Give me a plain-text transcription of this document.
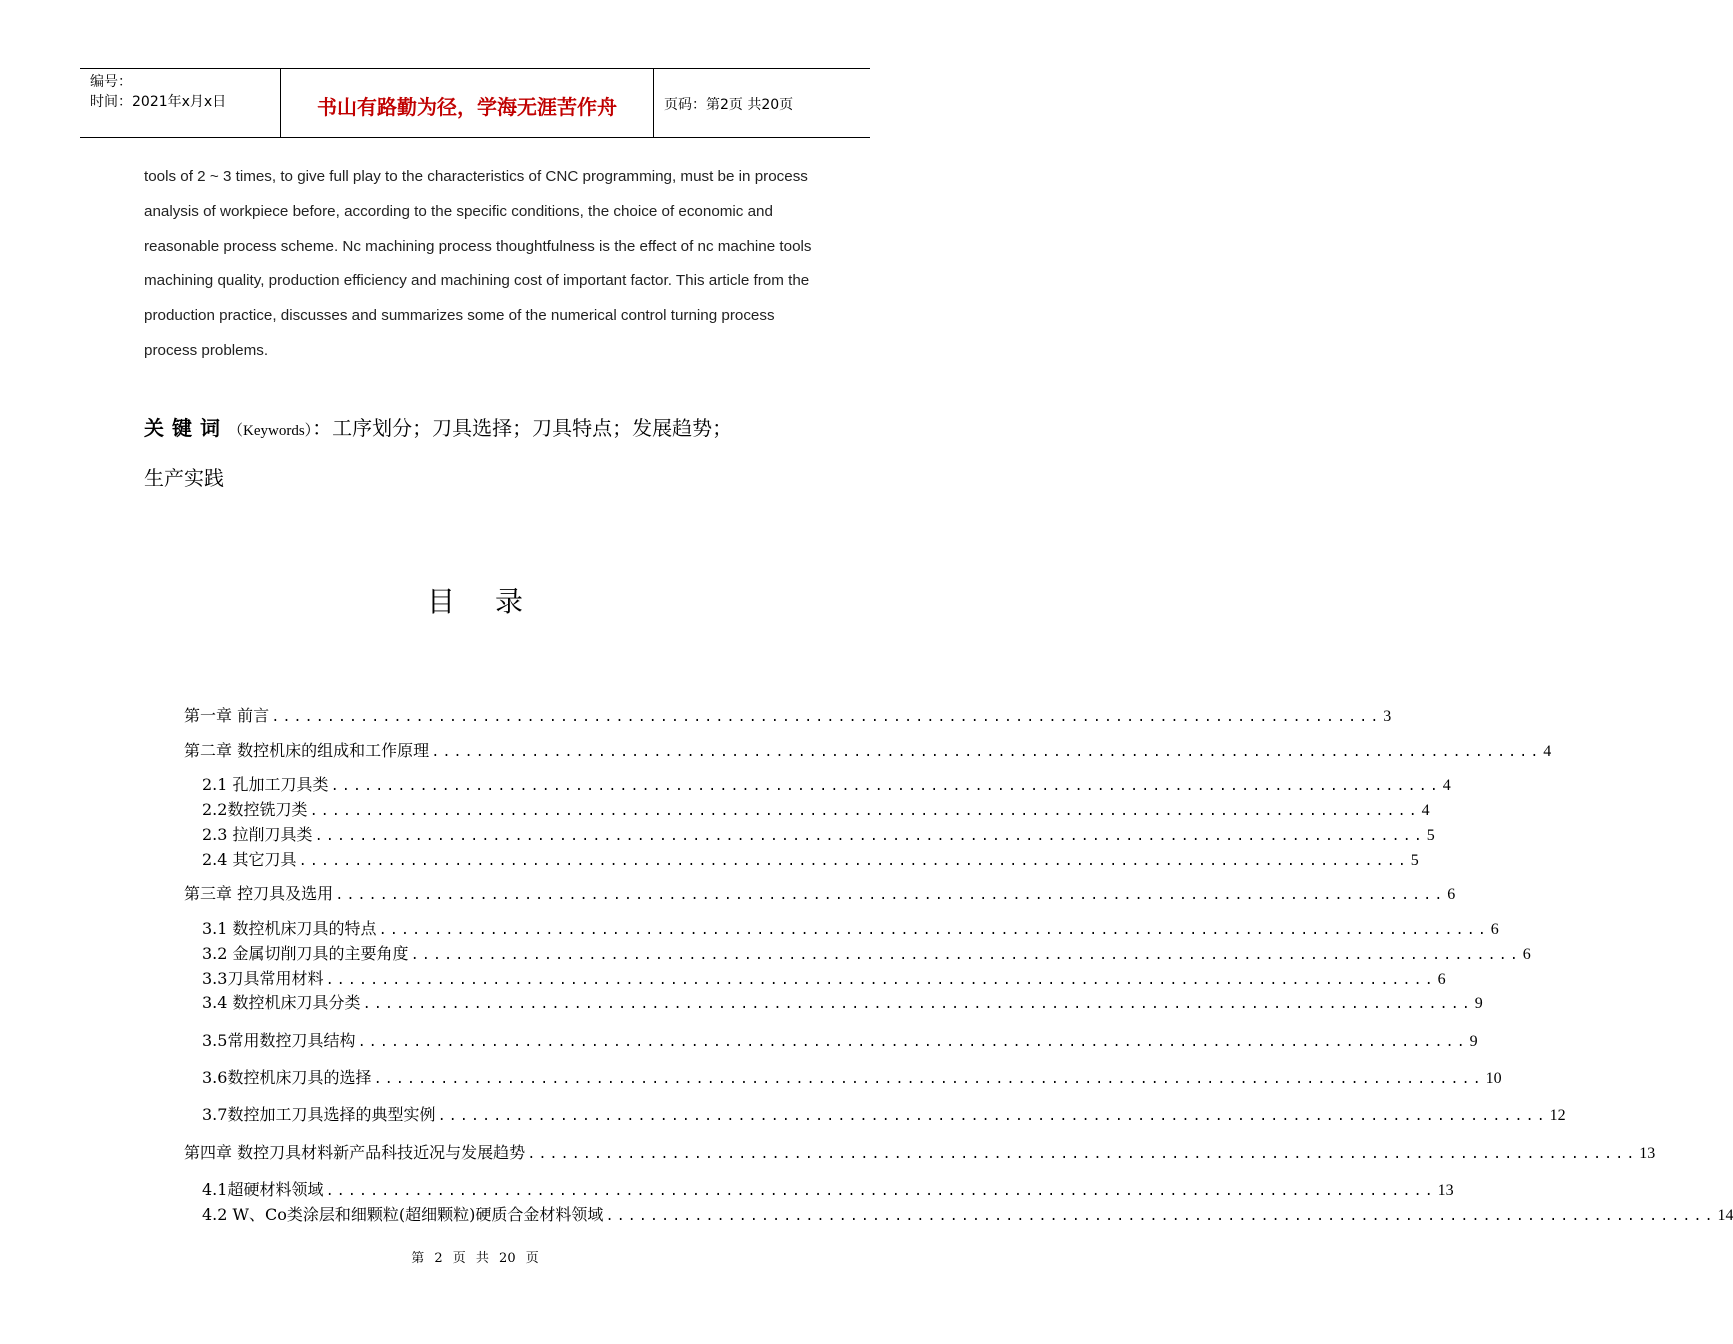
编号：
时间：2021年x月x日	书山有路勤为径，学海无涯苦作舟	页码：第2页 共20页

tools of 2 ~ 3 times, to give full play to the characteristics of CNC programming, must be in process analysis of workpiece before, according to the specific conditions, the choice of economic and reasonable process scheme. Nc machining process thoughtfulness is the effect of nc machine tools machining quality, production efficiency and machining cost of important factor. This article from the production practice, discusses and summarizes some of the numerical control turning process process problems.

关键词（Keywords）：工序划分；刀具选择；刀具特点；发展趋势；
生产实践
目录
第一章 前言 .................................................................................................... 3
第二章 数控机床的组成和工作原理 .................................................................................................... 4
2.1 孔加工刀具类 .................................................................................................... 4
2.2数控铣刀类 .................................................................................................... 4
2.3 拉削刀具类 .................................................................................................... 5
2.4 其它刀具 .................................................................................................... 5
第三章 控刀具及选用 .................................................................................................... 6
3.1 数控机床刀具的特点 .................................................................................................... 6
3.2 金属切削刀具的主要角度 .................................................................................................... 6
3.3刀具常用材料 .................................................................................................... 6
3.4 数控机床刀具分类 .................................................................................................... 9
3.5常用数控刀具结构 .................................................................................................... 9
3.6数控机床刀具的选择 .................................................................................................... 10
3.7数控加工刀具选择的典型实例 .................................................................................................... 12
第四章 数控刀具材料新产品科技近况与发展趋势 .................................................................................................... 13
4.1超硬材料领域 .................................................................................................... 13
4.2 W、Co类涂层和细颗粒(超细颗粒)硬质合金材料领域 .................................................................................................... 14
第 2 页 共 20 页
